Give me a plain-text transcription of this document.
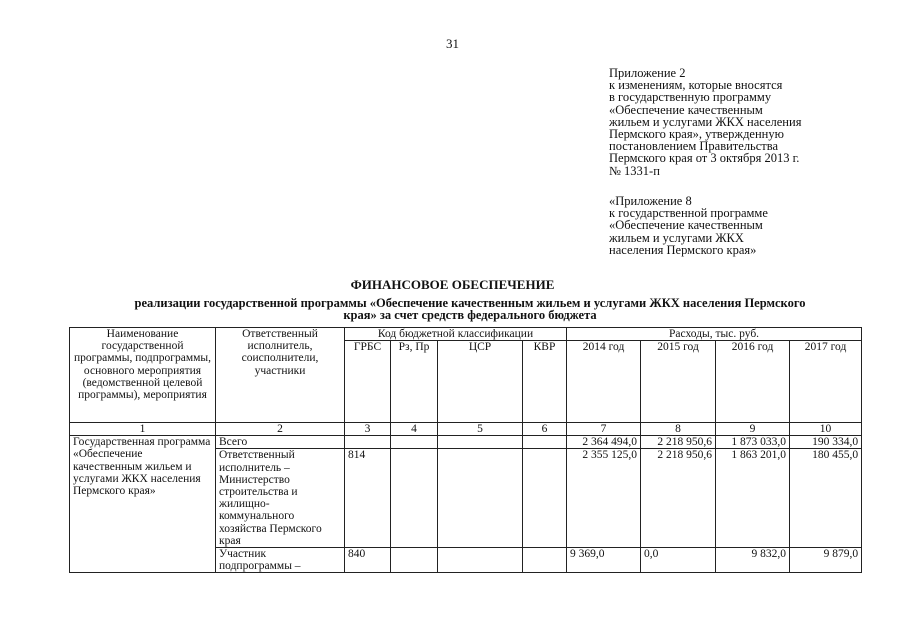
31
Приложение 2
к изменениям, которые вносятся
в государственную программу
«Обеспечение качественным
жильем и услугами ЖКХ населения
Пермского края», утвержденную
постановлением Правительства
Пермского края от 3 октября 2013 г.
№ 1331-п
«Приложение 8
к государственной программе
«Обеспечение качественным
жильем и услугами ЖКХ
населения Пермского края»
ФИНАНСОВОЕ ОБЕСПЕЧЕНИЕ
реализации государственной программы «Обеспечение качественным жильем и услугами ЖКХ населения Пермского края» за счет средств федерального бюджета
Наименование государственной программы, подпрограммы, основного мероприятия (ведомственной целевой программы), мероприятия	Ответственный исполнитель, соисполнители, участники	Код бюджетной классификации				Расходы, тыс. руб.			
		ГРБС	Рз, Пр	ЦСР	КВР	2014 год	2015 год	2016 год	2017 год
1	2	3	4	5	6	7	8	9	10
Государственная программа «Обеспечение качественным жильем и услугами ЖКХ населения Пермского края»	Всего					2 364 494,0	2 218 950,6	1 873 033,0	190 334,0
	Ответственный исполнитель – Министерство строительства и жилищно-коммунального хозяйства Пермского края	814				2 355 125,0	2 218 950,6	1 863 201,0	180 455,0
	Участник подпрограммы –	840				9 369,0	0,0	9 832,0	9 879,0
